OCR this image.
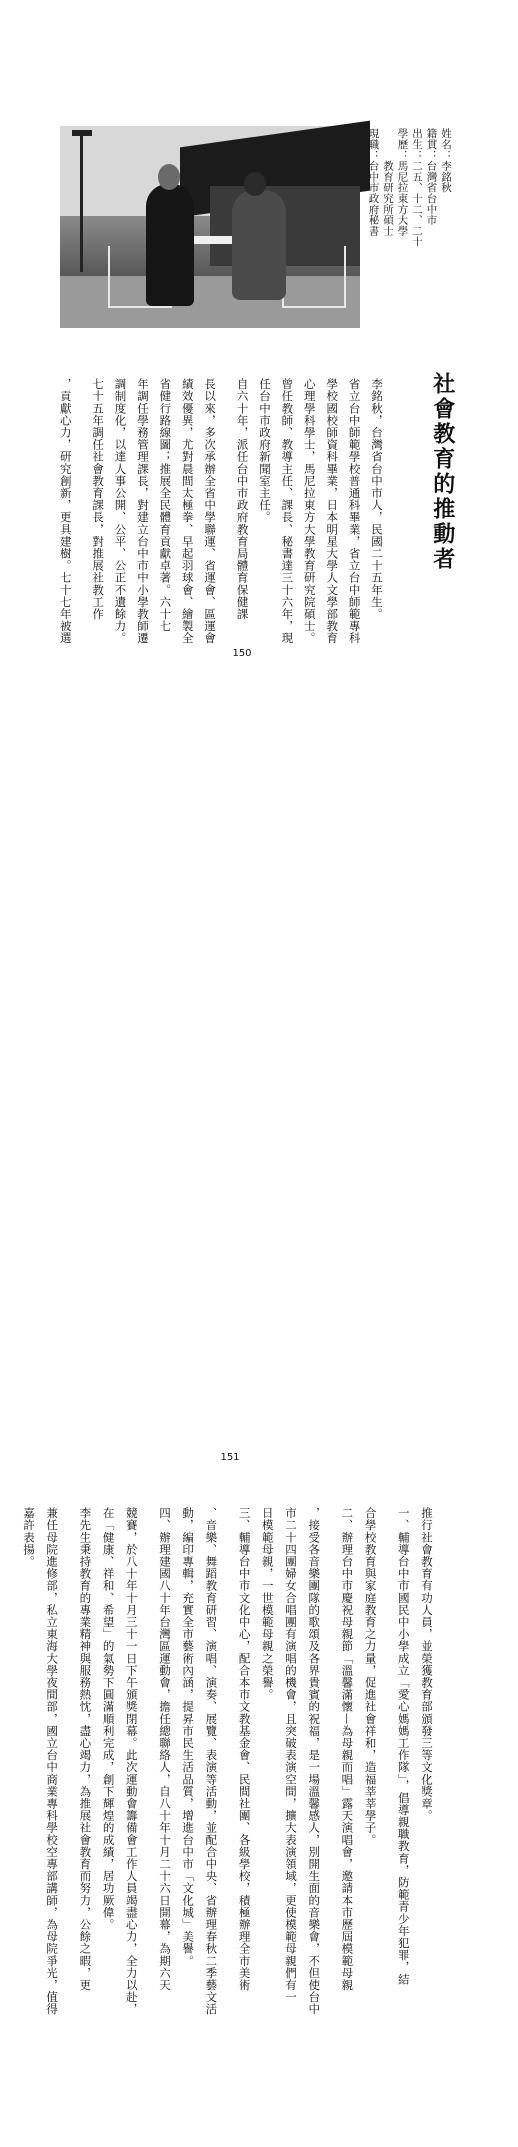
姓名：李銘秋

籍貫：台灣省台中市

出生：二五、十二、二十

學歷：馬尼拉東方大學

　　　教育研究所碩士

現職：台中市政府秘書

社會教育的推動者

李銘秋，台灣省台中市人，民國二十五年生。

省立台中師範學校普通科畢業，省立台中師範專科

學校國校師資科畢業，日本明星大學人文學部教育

心理學科學士，馬尼拉東方大學教育研究院碩士。

曾任教師、教導主任、課長、秘書達三十六年，現

任台中市政府新聞室主任。

自六十年，派任台中市政府教育局體育保健課

長以來，多次承辦全省中學聯運、省運會、區運會

績效優異，尤對晨間太極拳、早起羽球會、繪製全

省健行路線圖；推展全民體育貢獻卓著。六十七

年調任學務管理課長，對建立台中市中小學教師遷

調制度化，以達人事公開、公平、公正不遺餘力。

七十五年調任社會教育課長，對推展社教工作

，貢獻心力，研究創新，更具建樹。七十七年被選

150

推行社會教育有功人員，並榮獲教育部頒發三等文化獎章。

一、輔導台中市國民中小學成立「愛心媽媽工作隊」，倡導親職教育，防範青少年犯罪，結

合學校教育與家庭教育之力量，促進社會祥和，造福莘莘學子。

二、辦理台中市慶祝母親節「溫馨滿懷—為母親而唱」露天演唱會，邀請本市歷屆模範母親

，接受各音樂團隊的歌頌及各界貴賓的祝福，是一場溫馨感人，別開生面的音樂會，不但使台中

市二十四團婦女合唱團有演唱的機會，且突破表演空間，擴大表演領域，更使模範母親們有一

日模範母親，一世模範母親之榮譽。

三、輔導台中市文化中心，配合本市文教基金會、民間社團、各級學校，積極辦理全市美術

、音樂、舞蹈教育研習、演唱、演奏、展覽、表演等活動，並配合中央、省辦理春秋二季藝文活

動，編印專輯，充實全市藝術內涵，提昇市民生活品質，增進台中市「文化城」美譽。

四、辦理建國八十年台灣區運動會，擔任總聯絡人，自八十年十月二十六日開幕，為期六天

競賽，於八十年十月三十一日下午頒獎閉幕。此次運動會籌備會工作人員竭盡心力，全力以赴，

在「健康、祥和、希望」的氣勢下圓滿順利完成，創下輝煌的成績，居功厥偉。

李先生秉持教育的專業精神與服務熱忱，盡心竭力，為推展社會教育而努力，公餘之暇，更

兼任母院進修部，私立東海大學夜間部，國立台中商業專科學校空專部講師，為母院爭光，值得

嘉許表揚。

151
